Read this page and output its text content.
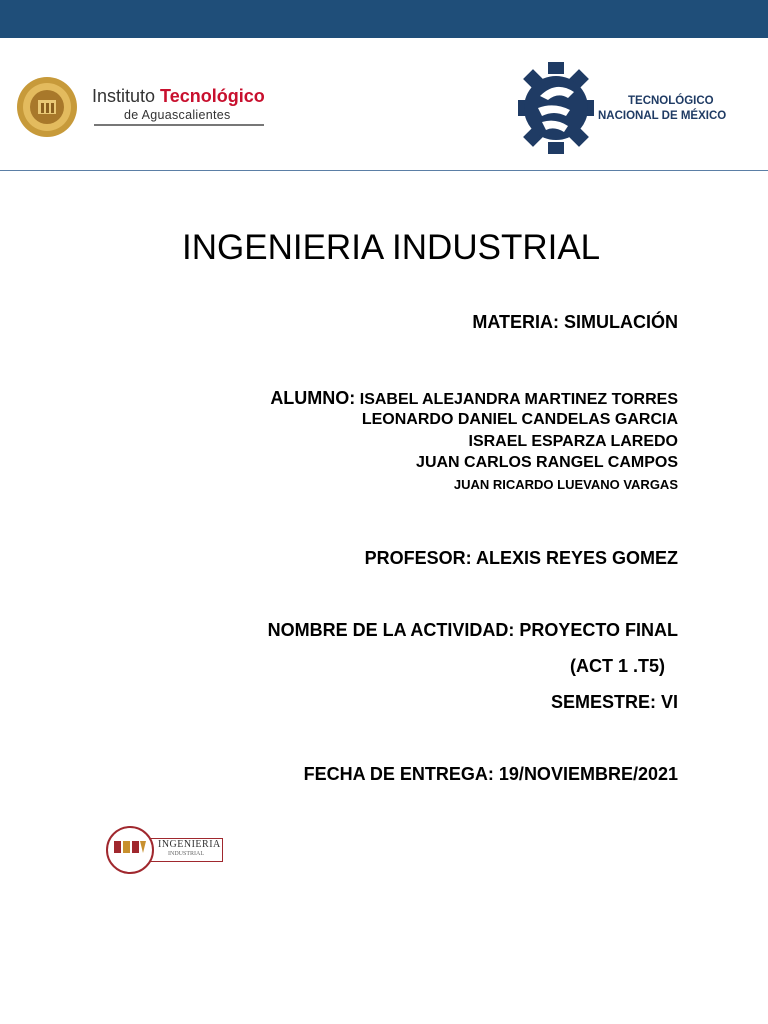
Instituto Tecnológico
de Aguascalientes
TECNOLÓGICO
NACIONAL DE MÉXICO
INGENIERIA INDUSTRIAL
MATERIA: SIMULACIÓN
ALUMNO: ISABEL ALEJANDRA MARTINEZ TORRES
LEONARDO DANIEL CANDELAS GARCIA
ISRAEL ESPARZA LAREDO
JUAN CARLOS RANGEL CAMPOS
JUAN RICARDO LUEVANO VARGAS
PROFESOR: ALEXIS REYES GOMEZ
NOMBRE DE LA ACTIVIDAD: PROYECTO FINAL
(ACT 1 .T5)
SEMESTRE: VI
FECHA DE ENTREGA: 19/NOVIEMBRE/2021
INGENIERIA
INDUSTRIAL
